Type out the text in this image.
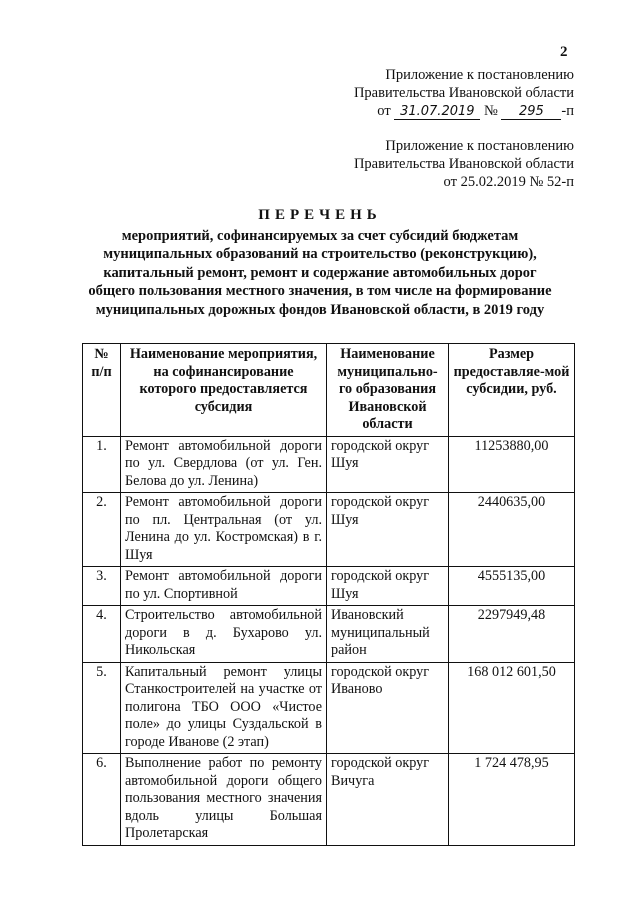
2
Приложение к постановлению
Правительства Ивановской области
от 31.07.2019 № 295 -п
Приложение к постановлению
Правительства Ивановской области
от 25.02.2019 № 52-п
ПЕРЕЧЕНЬ
мероприятий, софинансируемых за счет субсидий бюджетам
муниципальных образований на строительство (реконструкцию),
капитальный ремонт, ремонт и содержание автомобильных дорог
общего пользования местного значения, в том числе на формирование
муниципальных дорожных фондов Ивановской области, в 2019 году
№ п/п	Наименование мероприятия, на софинансирование которого предоставляется субсидия	Наименование муниципально-го образования Ивановской области	Размер предоставляе-мой субсидии, руб.
1.	Ремонт автомобильной дороги по ул. Свердлова (от ул. Ген. Белова до ул. Ленина)	городской округ Шуя	11253880,00
2.	Ремонт автомобильной дороги по пл. Центральная (от ул. Ленина до ул. Костромская) в г. Шуя	городской округ Шуя	2440635,00
3.	Ремонт автомобильной дороги по ул. Спортивной	городской округ Шуя	4555135,00
4.	Строительство автомобильной дороги в д. Бухарово ул. Никольская	Ивановский муниципальный район	2297949,48
5.	Капитальный ремонт улицы Станкостроителей на участке от полигона ТБО ООО «Чистое поле» до улицы Суздальской в городе Иванове (2 этап)	городской округ Иваново	168 012 601,50
6.	Выполнение работ по ремонту автомобильной дороги общего пользования местного значения вдоль улицы Большая Пролетарская	городской округ Вичуга	1 724 478,95
